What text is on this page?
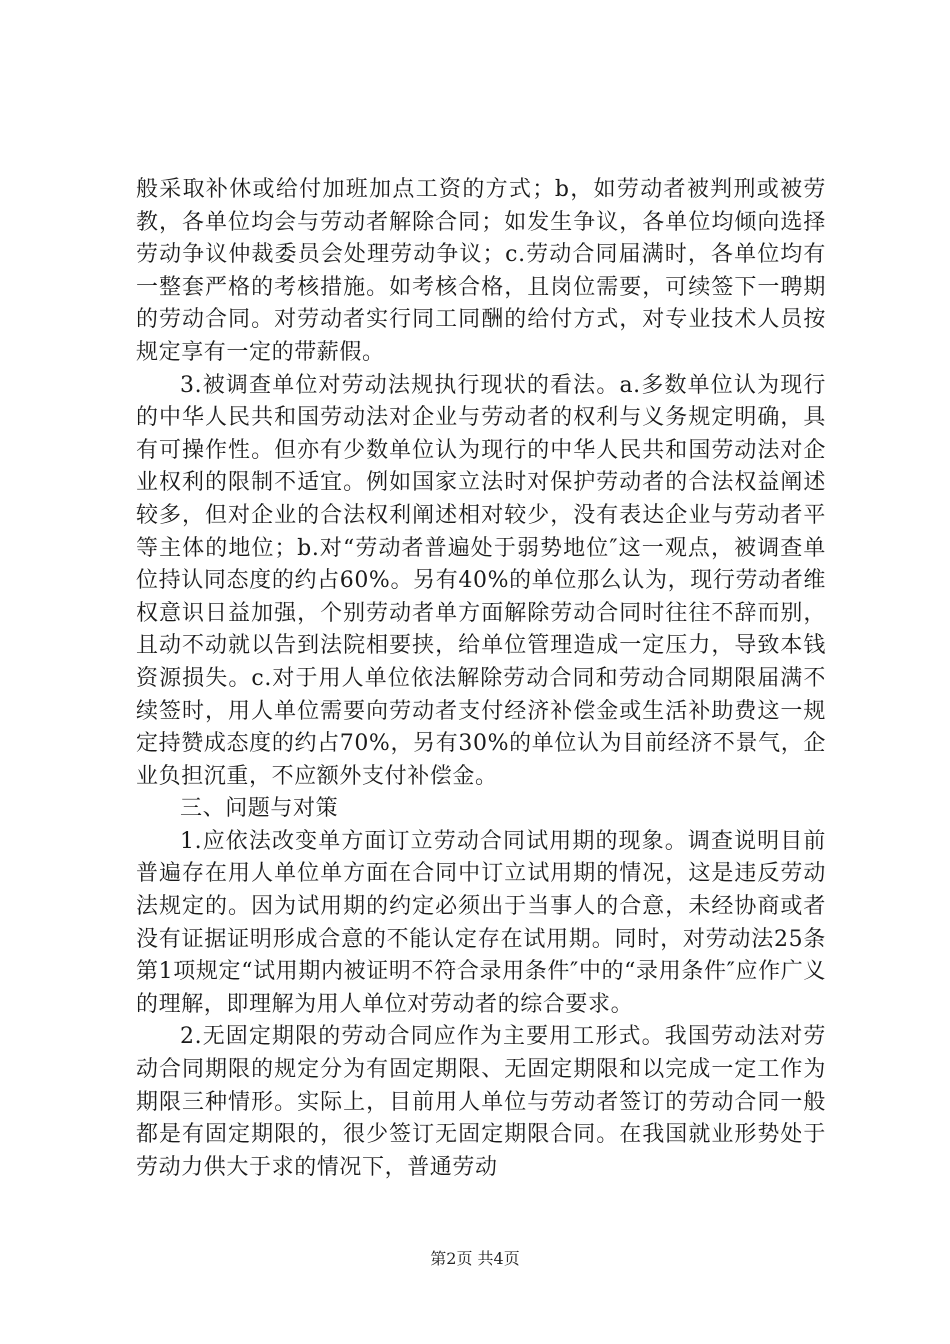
般采取补休或给付加班加点工资的方式；b，如劳动者被判刑或被劳教，各单位均会与劳动者解除合同；如发生争议，各单位均倾向选择劳动争议仲裁委员会处理劳动争议；c.劳动合同届满时，各单位均有一整套严格的考核措施。如考核合格，且岗位需要，可续签下一聘期的劳动合同。对劳动者实行同工同酬的给付方式，对专业技术人员按规定享有一定的带薪假。

3.被调查单位对劳动法规执行现状的看法。a.多数单位认为现行的中华人民共和国劳动法对企业与劳动者的权利与义务规定明确，具有可操作性。但亦有少数单位认为现行的中华人民共和国劳动法对企业权利的限制不适宜。例如国家立法时对保护劳动者的合法权益阐述较多，但对企业的合法权利阐述相对较少，没有表达企业与劳动者平等主体的地位；b.对“劳动者普遍处于弱势地位″这一观点，被调查单位持认同态度的约占60%。另有40%的单位那么认为，现行劳动者维权意识日益加强，个别劳动者单方面解除劳动合同时往往不辞而别，且动不动就以告到法院相要挟，给单位管理造成一定压力，导致本钱资源损失。c.对于用人单位依法解除劳动合同和劳动合同期限届满不续签时，用人单位需要向劳动者支付经济补偿金或生活补助费这一规定持赞成态度的约占70%，另有30%的单位认为目前经济不景气，企业负担沉重，不应额外支付补偿金。

三、问题与对策

1.应依法改变单方面订立劳动合同试用期的现象。调查说明目前普遍存在用人单位单方面在合同中订立试用期的情况，这是违反劳动法规定的。因为试用期的约定必须出于当事人的合意，未经协商或者没有证据证明形成合意的不能认定存在试用期。同时，对劳动法25条第1项规定“试用期内被证明不符合录用条件″中的“录用条件″应作广义的理解，即理解为用人单位对劳动者的综合要求。

2.无固定期限的劳动合同应作为主要用工形式。我国劳动法对劳动合同期限的规定分为有固定期限、无固定期限和以完成一定工作为期限三种情形。实际上，目前用人单位与劳动者签订的劳动合同一般都是有固定期限的，很少签订无固定期限合同。在我国就业形势处于劳动力供大于求的情况下，普通劳动

第2页 共4页
